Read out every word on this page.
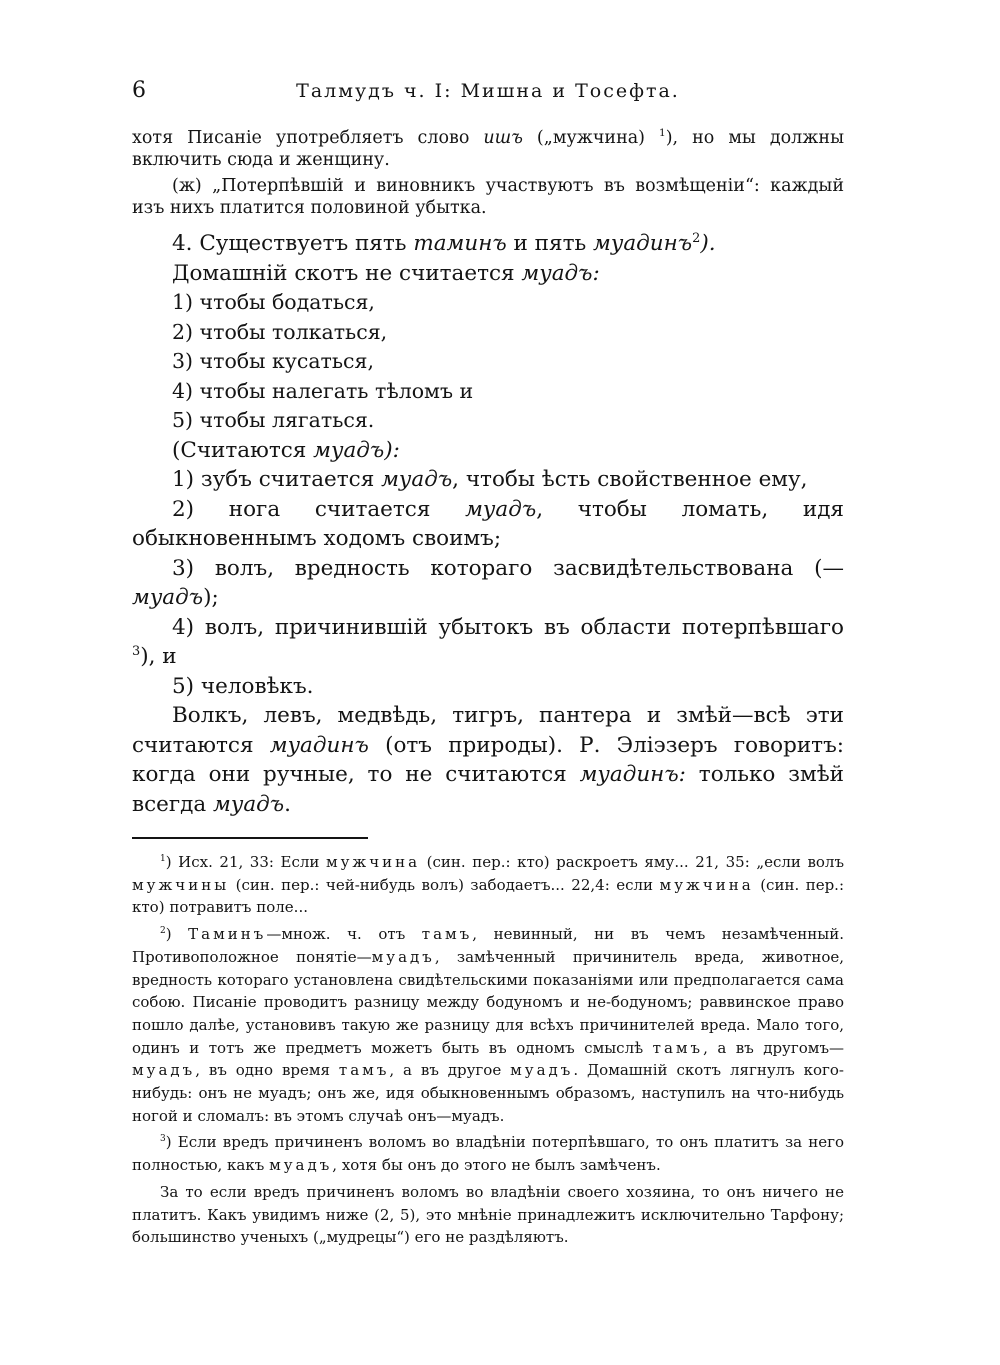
6	Талмудъ ч. I: Мишна и Тосефта.

хотя Писаніе употребляетъ слово ишъ („мужчина) $^1$), но мы должны включить сюда и женщину.

(ж) „Потерпѣвшій и виновникъ участвуютъ въ возмѣщеніи“: каждый изъ нихъ платится половиной убытка.

4. Существуетъ пять таминъ и пять муадинъ$^2$).

Домашній скотъ не считается муадъ:

1) чтобы бодаться,

2) чтобы толкаться,

3) чтобы кусаться,

4) чтобы налегать тѣломъ и

5) чтобы лягаться.

(Считаются муадъ):

1) зубъ считается муадъ, чтобы ѣсть свойственное ему,

2) нога считается муадъ, чтобы ломать, идя обыкновеннымъ ходомъ своимъ;

3) волъ, вредность котораго засвидѣтельствована (—муадъ);

4) волъ, причинившій убытокъ въ области потерпѣвшаго $^3$), и

5) человѣкъ.

Волкъ, левъ, медвѣдь, тигръ, пантера и змѣй—всѣ эти считаются муадинъ (отъ природы). Р. Элiэзеръ говоритъ: когда они ручные, то не считаются муадинъ: только змѣй всегда муадъ.

$^1$) Исх. 21, 33: Если мужчина (син. пер.: кто) раскроетъ яму... 21, 35: „если волъ мужчины (син. пер.: чей-нибудь волъ) забодаетъ... 22,4: если мужчина (син. пер.: кто) потравитъ поле...

$^2$) Таминъ—множ. ч. отъ тамъ, невинный, ни въ чемъ незамѣченный. Противоположное понятіе—муадъ, замѣченный причинитель вреда, животное, вредность котораго установлена свидѣтельскими показаніями или предполагается сама собою. Писаніе проводитъ разницу между бодуномъ и не-бодуномъ; раввинское право пошло далѣе, установивъ такую же разницу для всѣхъ причинителей вреда. Мало того, одинъ и тотъ же предметъ можетъ быть въ одномъ смыслѣ тамъ, а въ другомъ—муадъ, въ одно время тамъ, а въ другое муадъ. Домашній скотъ лягнулъ кого-нибудь: онъ не муадъ; онъ же, идя обыкновеннымъ образомъ, наступилъ на что-нибудь ногой и сломалъ: въ этомъ случаѣ онъ—муадъ.

$^3$) Если вредъ причиненъ воломъ во владѣніи потерпѣвшаго, то онъ платитъ за него полностью, какъ муадъ, хотя бы онъ до этого не былъ замѣченъ.

За то если вредъ причиненъ воломъ во владѣніи своего хозяина, то онъ ничего не платитъ. Какъ увидимъ ниже (2, 5), это мнѣніе принадлежитъ исключительно Тарфону; большинство ученыхъ („мудрецы“) его не раздѣляютъ.
